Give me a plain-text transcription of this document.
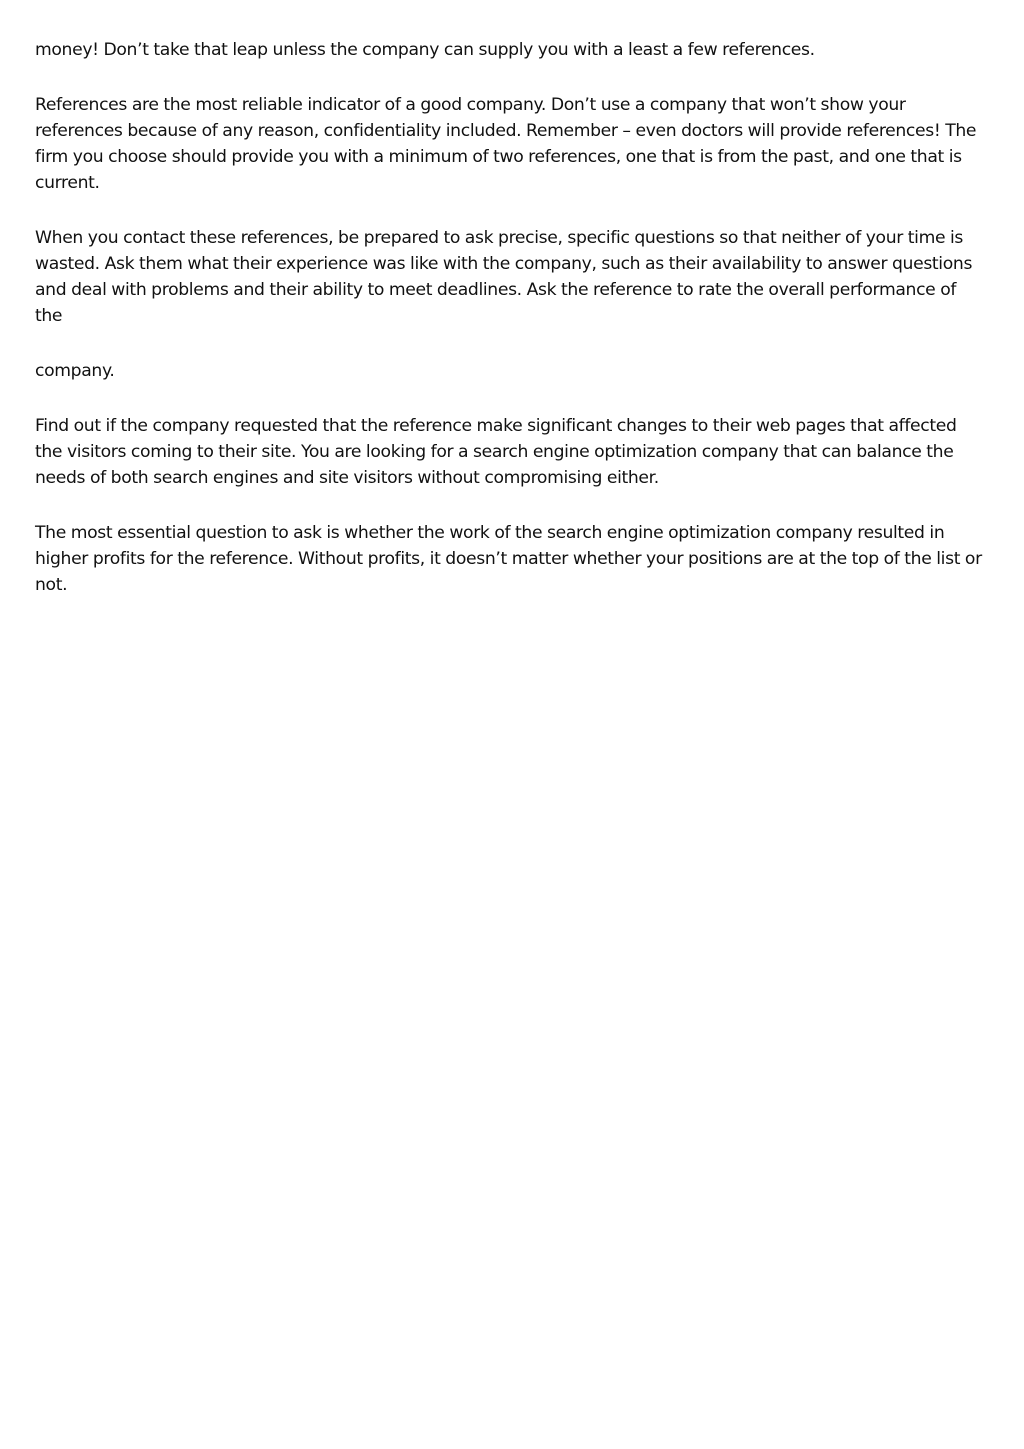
money! Don’t take that leap unless the company can supply you with a least a few references.

References are the most reliable indicator of a good company. Don’t use a company that won’t show your references because of any reason, confidentiality included. Remember – even doctors will provide references! The firm you choose should provide you with a minimum of two references, one that is from the past, and one that is current.

When you contact these references, be prepared to ask precise, specific questions so that neither of your time is wasted. Ask them what their experience was like with the company, such as their availability to answer questions and deal with problems and their ability to meet deadlines. Ask the reference to rate the overall performance of the

company.

Find out if the company requested that the reference make significant changes to their web pages that affected the visitors coming to their site. You are looking for a search engine optimization company that can balance the needs of both search engines and site visitors without compromising either.

The most essential question to ask is whether the work of the search engine optimization company resulted in higher profits for the reference. Without profits, it doesn’t matter whether your positions are at the top of the list or not.
